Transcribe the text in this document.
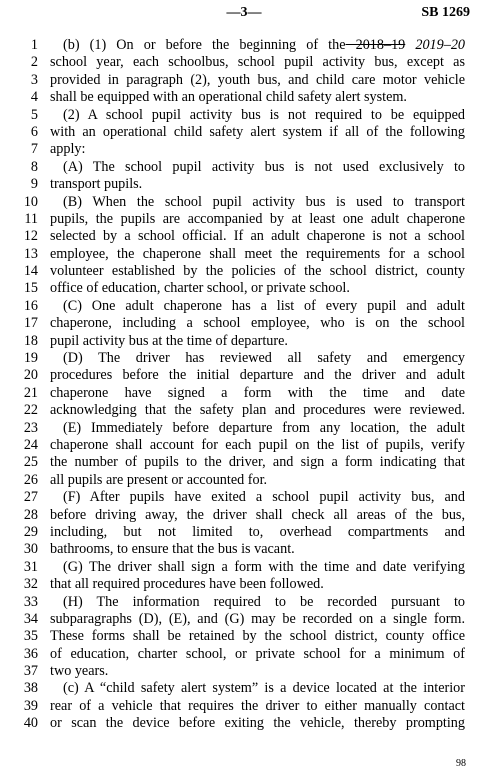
—3—	SB 1269
1 (b) (1) On or before the beginning of the 2018–19 2019–20
2 school year, each schoolbus, school pupil activity bus, except as
3 provided in paragraph (2), youth bus, and child care motor vehicle
4 shall be equipped with an operational child safety alert system.
5 (2) A school pupil activity bus is not required to be equipped
6 with an operational child safety alert system if all of the following
7 apply:
8 (A) The school pupil activity bus is not used exclusively to
9 transport pupils.
10 (B) When the school pupil activity bus is used to transport
11 pupils, the pupils are accompanied by at least one adult chaperone
12 selected by a school official. If an adult chaperone is not a school
13 employee, the chaperone shall meet the requirements for a school
14 volunteer established by the policies of the school district, county
15 office of education, charter school, or private school.
16 (C) One adult chaperone has a list of every pupil and adult
17 chaperone, including a school employee, who is on the school
18 pupil activity bus at the time of departure.
19 (D) The driver has reviewed all safety and emergency
20 procedures before the initial departure and the driver and adult
21 chaperone have signed a form with the time and date
22 acknowledging that the safety plan and procedures were reviewed.
23 (E) Immediately before departure from any location, the adult
24 chaperone shall account for each pupil on the list of pupils, verify
25 the number of pupils to the driver, and sign a form indicating that
26 all pupils are present or accounted for.
27 (F) After pupils have exited a school pupil activity bus, and
28 before driving away, the driver shall check all areas of the bus,
29 including, but not limited to, overhead compartments and
30 bathrooms, to ensure that the bus is vacant.
31 (G) The driver shall sign a form with the time and date verifying
32 that all required procedures have been followed.
33 (H) The information required to be recorded pursuant to
34 subparagraphs (D), (E), and (G) may be recorded on a single form.
35 These forms shall be retained by the school district, county office
36 of education, charter school, or private school for a minimum of
37 two years.
38 (c) A “child safety alert system” is a device located at the interior
39 rear of a vehicle that requires the driver to either manually contact
40 or scan the device before exiting the vehicle, thereby prompting
98
